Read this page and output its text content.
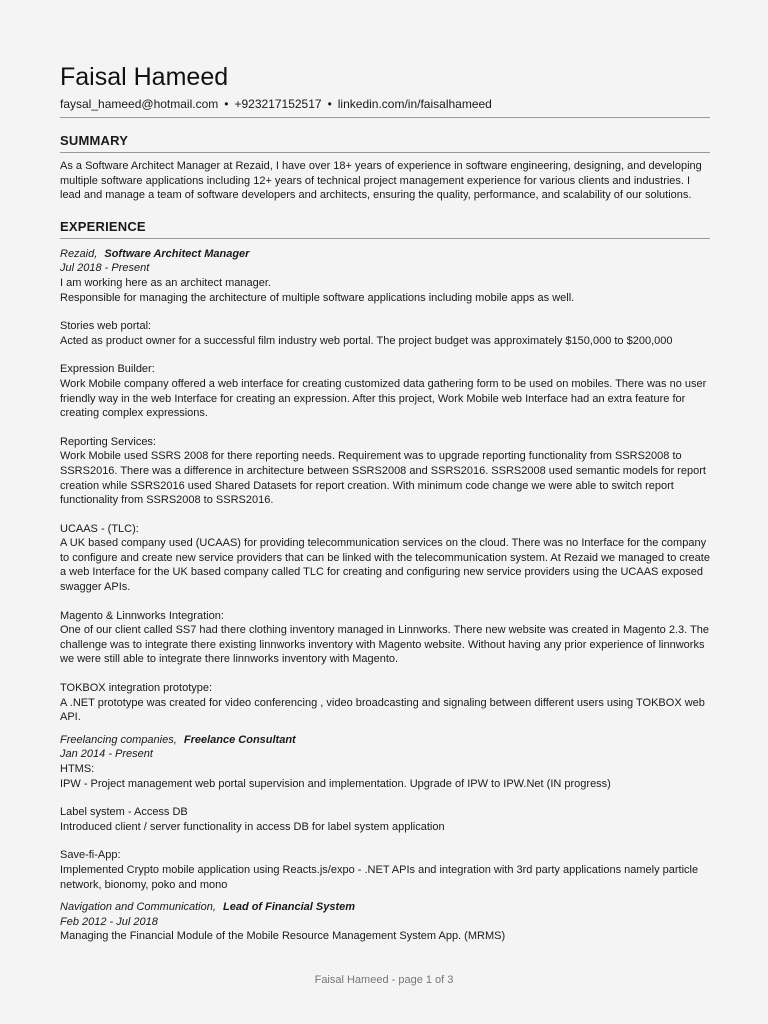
Faisal Hameed
faysal_hameed@hotmail.com • +923217152517 • linkedin.com/in/faisalhameed
SUMMARY
As a Software Architect Manager at Rezaid, I have over 18+ years of experience in software engineering, designing, and developing multiple software applications including 12+ years of technical project management experience for various clients and industries. I lead and manage a team of software developers and architects, ensuring the quality, performance, and scalability of our solutions.
EXPERIENCE
Rezaid, Software Architect Manager
Jul 2018 - Present
I am working here as an architect manager.
Responsible for managing the architecture of multiple software applications including mobile apps as well.
Stories web portal:
Acted as product owner for a successful film industry web portal. The project budget was approximately $150,000 to $200,000
Expression Builder:
Work Mobile company offered a web interface for creating customized data gathering form to be used on mobiles. There was no user friendly way in the web Interface for creating an expression. After this project, Work Mobile web Interface had an extra feature for creating complex expressions.
Reporting Services:
Work Mobile used SSRS 2008 for there reporting needs. Requirement was to upgrade reporting functionality from SSRS2008 to SSRS2016. There was a difference in architecture between SSRS2008 and SSRS2016. SSRS2008 used semantic models for report creation while SSRS2016 used Shared Datasets for report creation. With minimum code change we were able to switch report functionality from SSRS2008 to SSRS2016.
UCAAS - (TLC):
A UK based company used (UCAAS) for providing telecommunication services on the cloud. There was no Interface for the company to configure and create new service providers that can be linked with the telecommunication system. At Rezaid we managed to create a web Interface for the UK based company called TLC for creating and configuring new service providers using the UCAAS exposed swagger APIs.
Magento & Linnworks Integration:
One of our client called SS7 had there clothing inventory managed in Linnworks. There new website was created in Magento 2.3. The challenge was to integrate there existing linnworks inventory with Magento website. Without having any prior experience of linnworks we were still able to integrate there linnworks inventory with Magento.
TOKBOX integration prototype:
A .NET prototype was created for video conferencing , video broadcasting and signaling between different users using TOKBOX web API.
Freelancing companies, Freelance Consultant
Jan 2014 - Present
HTMS:
IPW - Project management web portal supervision and implementation. Upgrade of IPW to IPW.Net (IN progress)
Label system - Access DB
Introduced client / server functionality in access DB for label system application
Save-fi-App:
Implemented Crypto mobile application using Reacts.js/expo - .NET APIs and integration with 3rd party applications namely particle network, bionomy, poko and mono
Navigation and Communication, Lead of Financial System
Feb 2012 - Jul 2018
Managing the Financial Module of the Mobile Resource Management System App. (MRMS)
Faisal Hameed - page 1 of 3
